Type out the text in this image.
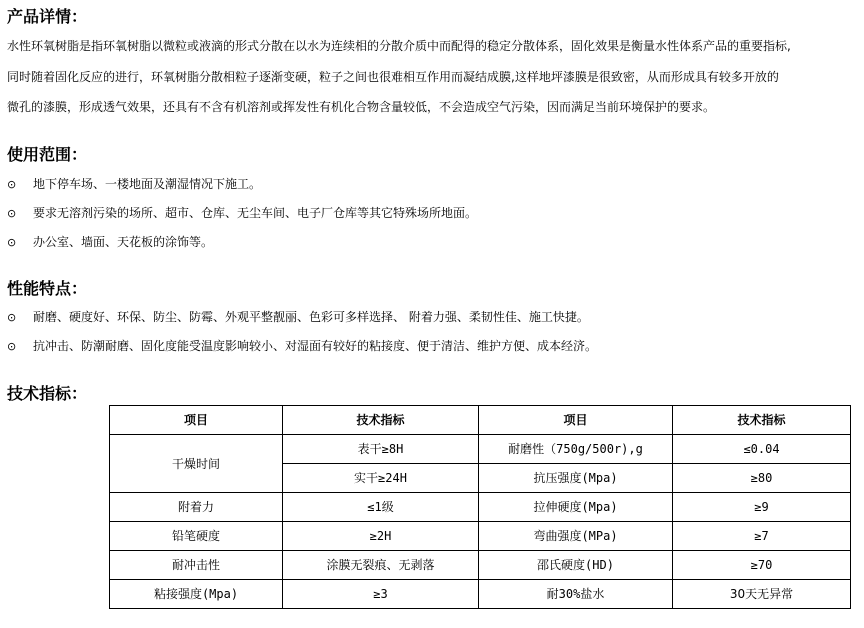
产品详情：
水性环氧树脂是指环氧树脂以微粒或液滴的形式分散在以水为连续相的分散介质中而配得的稳定分散体系，固化效果是衡量水性体系产品的重要指标,
同时随着固化反应的进行，环氧树脂分散相粒子逐渐变硬，粒子之间也很难相互作用而凝结成膜,这样地坪漆膜是很致密，从而形成具有较多开放的
微孔的漆膜，形成透气效果，还具有不含有机溶剂或挥发性有机化合物含量较低，不会造成空气污染，因而满足当前环境保护的要求。
使用范围：
⊙ 地下停车场、一楼地面及潮湿情况下施工。
⊙ 要求无溶剂污染的场所、超市、仓库、无尘车间、电子厂仓库等其它特殊场所地面。
⊙ 办公室、墙面、天花板的涂饰等。
性能特点：
⊙ 耐磨、硬度好、环保、防尘、防霉、外观平整靓丽、色彩可多样选择、 附着力强、柔韧性佳、施工快捷。
⊙ 抗冲击、防潮耐磨、固化度能受温度影响较小、对湿面有较好的粘接度、便于清洁、维护方便、成本经济。
技术指标：
项目	技术指标	项目	技术指标
干燥时间	表干≥8H	耐磨性（750g/500r),g	≤0.04
	实干≥24H	抗压强度(Mpa)	≥80
附着力	≤1级	拉伸硬度(Mpa)	≥9
铅笔硬度	≥2H	弯曲强度(MPa)	≥7
耐冲击性	涂膜无裂痕、无剥落	邵氏硬度(HD)	≥70
粘接强度(Mpa)	≥3	耐30%盐水	30天无异常
